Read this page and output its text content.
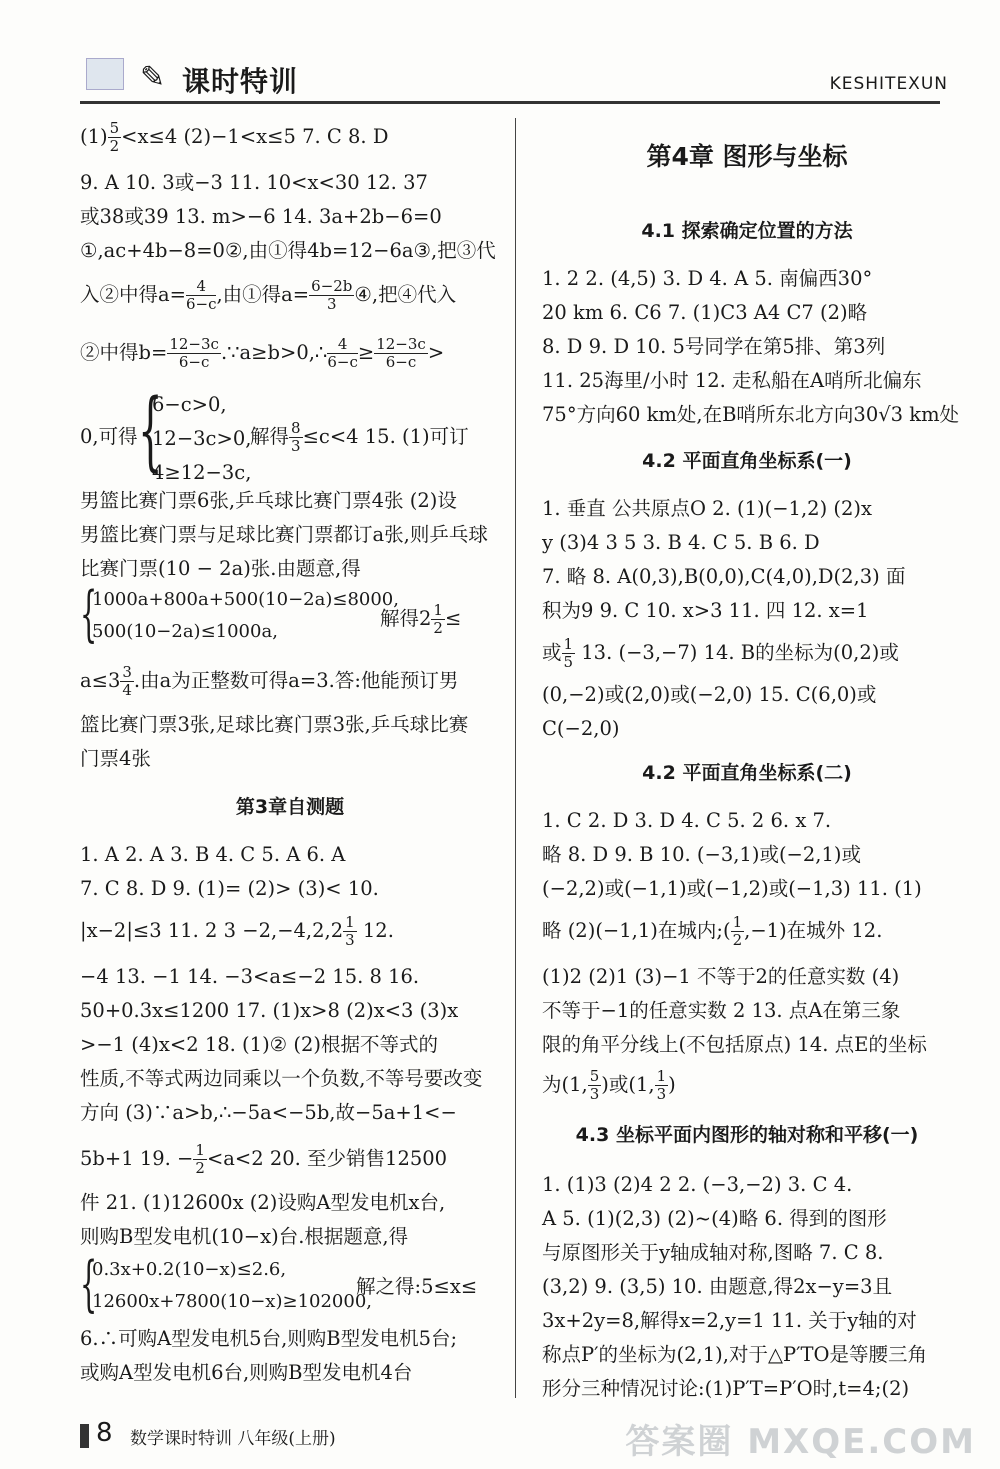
✎ 课时特训	KESHITEXUN
$(1) \frac{5}{2} <x\le 4$ (2)−1<x≤5 7. C 8. D
9. A 10. 3或−3 11. 10<x<30 12. 37
或38或39 13. m>−6 14. 3a+2b−6=0
①,ac+4b−8=0②,由①得4b=12−6a③,把③代
入②中得$a= \frac{4}{6-c}$ ,由①得$a= \frac{6-2b}{3}$ ④,把④代入
②中得$b= \frac{12-3c}{6-c}$ .∵a≥b>0,∴ $\frac{4}{6-c} \ge \frac{12-3c}{6-c}$ >
0,可得 {
6−c>0,
12−3c>0,
4≥12−3c,
解得 $\frac{8}{3} \le c<4$ 15. (1)可订
男篮比赛门票6张,乒乓球比赛门票4张 (2)设
男篮比赛门票与足球比赛门票都订a张,则乒乓球
比赛门票(10 − 2a)张.由题意,得
{
1000a+800a+500(10−2a)≤8000,
500(10−2a)≤1000a,
解得$2 \frac{1}{2}$ ≤
$a\le 3 \frac{3}{4}$ .由a为正整数可得a=3.答:他能预订男
篮比赛门票3张,足球比赛门票3张,乒乓球比赛
门票4张
第3章自测题
1. A 2. A 3. B 4. C 5. A 6. A
7. C 8. D 9. (1)= (2)> (3)< 10.
|x−2|≤3 11. 2 $3 -2,-4,2,2 \frac{1}{3} 12$.
−4 13. −1 14. −3<a≤−2 15. 8 16.
50+0.3x≤1200 17. (1)x>8 (2)x<3 (3)x
>−1 (4)x<2 18. (1)② (2)根据不等式的
性质,不等式两边同乘以一个负数,不等号要改变
方向 (3)∵a>b,∴−5a<−5b,故−5a+1<−
5b+1 19. − $\frac{1}{2} <a<2$ 20. 至少销售12500
件 21. (1)12600x (2)设购A型发电机x台,
则购B型发电机(10−x)台.根据题意,得
{
0.3x+0.2(10−x)≤2.6,
12600x+7800(10−x)≥102000,
解之得:5≤x≤
6.∴可购A型发电机5台,则购B型发电机5台;
或购A型发电机6台,则购B型发电机4台
第4章 图形与坐标
4.1 探索确定位置的方法
1. 2 2. (4,5) 3. D 4. A 5. 南偏西30°
20 km 6. C6 7. (1)C3 A4 C7 (2)略
8. D 9. D 10. 5号同学在第5排、第3列
11. 25海里/小时 12. 走私船在A哨所北偏东
75°方向60 km处,在B哨所东北方向30√3 km处
4.2 平面直角坐标系(一)
1. 垂直 公共原点O 2. (1)(−1,2) (2)x
y (3)4 3 5 3. B 4. C 5. B 6. D
7. 略 8. A(0,3),B(0,0),C(4,0),D(2,3) 面
积为9 9. C 10. x>3 11. 四 12. x=1
或 $\frac{1}{5} 13$. (−3,−7) 14. B的坐标为(0,2)或
(0,−2)或(2,0)或(−2,0) 15. C(6,0)或
C(−2,0)
4.2 平面直角坐标系(二)
1. C 2. D 3. D 4. C 5. 2 6. x 7.
略 8. D 9. B 10. (−3,1)或(−2,1)或
(−2,2)或(−1,1)或(−1,2)或(−1,3) 11. (1)
略 (2)(−1,1)在城内;( $\frac{1}{2} ,-1$)在城外 12.
(1)2 (2)1 (3)−1 不等于2的任意实数 (4)
不等于−1的任意实数 2 13. 点A在第三象
限的角平分线上(不包括原点) 14. 点E的坐标
为(1, $\frac{5}{3}$ )或(1, $\frac{1}{3}$ )
4.3 坐标平面内图形的轴对称和平移(一)
1. (1)3 (2)4 2 2. (−3,−2) 3. C 4.
A 5. (1)(2,3) (2)~(4)略 6. 得到的图形
与原图形关于y轴成轴对称,图略 7. C 8.
(3,2) 9. (3,5) 10. 由题意,得2x−y=3且
3x+2y=8,解得x=2,y=1 11. 关于y轴的对
称点P′的坐标为(2,1),对于△P′TO是等腰三角
形分三种情况讨论:(1)P′T=P′O时,t=4;(2)
8 数学课时特训 八年级(上册)	答案圈 MXQE.COM
